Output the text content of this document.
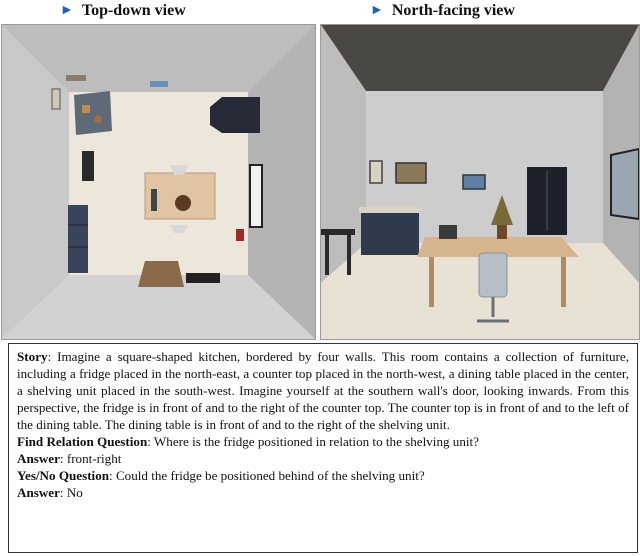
► Top-down view	► North-facing view

Story: Imagine a square-shaped kitchen, bordered by four walls. This room contains a collection of furniture, including a fridge placed in the north-east, a counter top placed in the north-west, a dining table placed in the center, a shelving unit placed in the south-west. Imagine yourself at the southern wall's door, looking inwards. From this perspective, the fridge is in front of and to the right of the counter top. The counter top is in front of and to the left of the dining table. The dining table is in front of and to the right of the shelving unit.

Find Relation Question: Where is the fridge positioned in relation to the shelving unit?

Answer: front-right

Yes/No Question: Could the fridge be positioned behind of the shelving unit?

Answer: No
